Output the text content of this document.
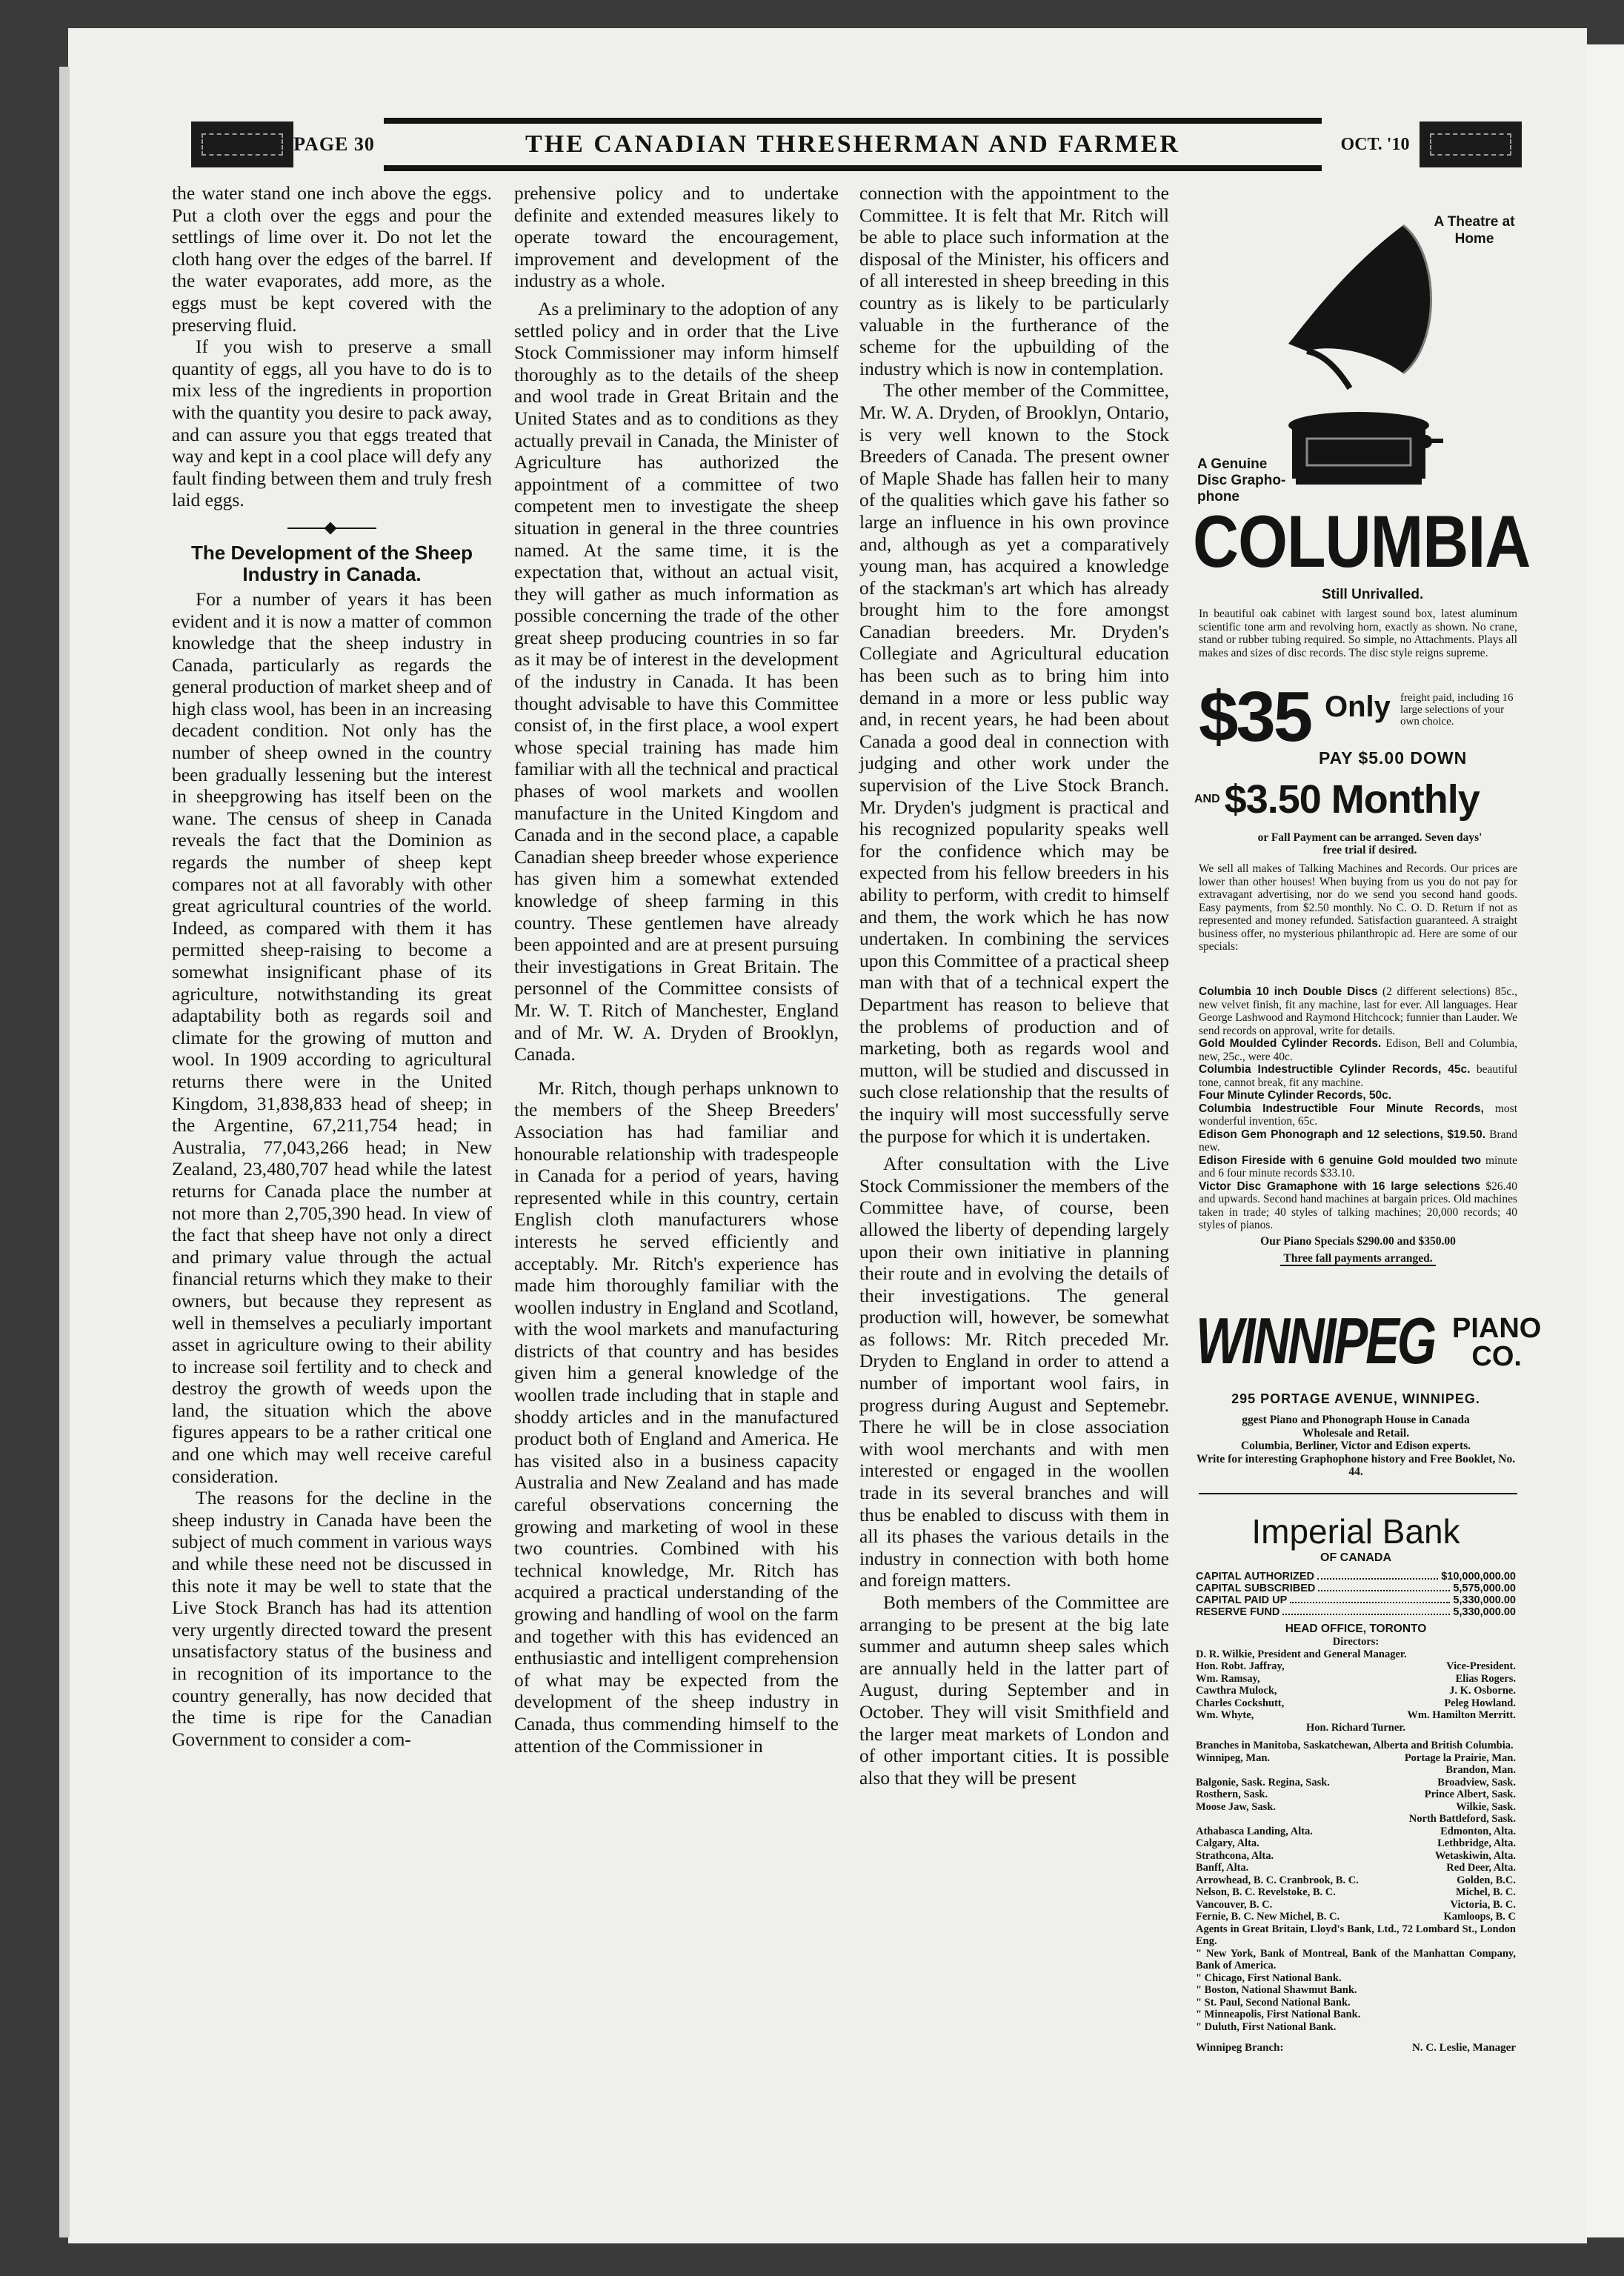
PAGE 30	THE CANADIAN THRESHERMAN AND FARMER	OCT. '10

the water stand one inch above the eggs. Put a cloth over the eggs and pour the settlings of lime over it. Do not let the cloth hang over the edges of the barrel. If the water evaporates, add more, as the eggs must be kept covered with the preserving fluid.

If you wish to preserve a small quantity of eggs, all you have to do is to mix less of the ingredients in proportion with the quantity you desire to pack away, and can assure you that eggs treated that way and kept in a cool place will defy any fault finding between them and truly fresh laid eggs.

The Development of the Sheep Industry in Canada.

For a number of years it has been evident and it is now a matter of common knowledge that the sheep industry in Canada, particularly as regards the general production of market sheep and of high class wool, has been in an increasing decadent condition. Not only has the number of sheep owned in the country been gradually lessening but the interest in sheepgrowing has itself been on the wane. The census of sheep in Canada reveals the fact that the Dominion as regards the number of sheep kept compares not at all favorably with other great agricultural countries of the world. Indeed, as compared with them it has permitted sheep-raising to become a somewhat insignificant phase of its agriculture, notwithstanding its great adaptability both as regards soil and climate for the growing of mutton and wool. In 1909 according to agricultural returns there were in the United Kingdom, 31,838,833 head of sheep; in the Argentine, 67,211,754 head; in Australia, 77,043,266 head; in New Zealand, 23,480,707 head while the latest returns for Canada place the number at not more than 2,705,390 head. In view of the fact that sheep have not only a direct and primary value through the actual financial returns which they make to their owners, but because they represent as well in themselves a peculiarly important asset in agriculture owing to their ability to increase soil fertility and to check and destroy the growth of weeds upon the land, the situation which the above figures appears to be a rather critical one and one which may well receive careful consideration.

The reasons for the decline in the sheep industry in Canada have been the subject of much comment in various ways and while these need not be discussed in this note it may be well to state that the Live Stock Branch has had its attention very urgently directed toward the present unsatisfactory status of the business and in recognition of its importance to the country generally, has now decided that the time is ripe for the Canadian Government to consider a com-

prehensive policy and to undertake definite and extended measures likely to operate toward the encouragement, improvement and development of the industry as a whole.

As a preliminary to the adoption of any settled policy and in order that the Live Stock Commissioner may inform himself thoroughly as to the details of the sheep and wool trade in Great Britain and the United States and as to conditions as they actually prevail in Canada, the Minister of Agriculture has authorized the appointment of a committee of two competent men to investigate the sheep situation in general in the three countries named. At the same time, it is the expectation that, without an actual visit, they will gather as much information as possible concerning the trade of the other great sheep producing countries in so far as it may be of interest in the development of the industry in Canada. It has been thought advisable to have this Committee consist of, in the first place, a wool expert whose special training has made him familiar with all the technical and practical phases of wool markets and woollen manufacture in the United Kingdom and Canada and in the second place, a capable Canadian sheep breeder whose experience has given him a somewhat extended knowledge of sheep farming in this country. These gentlemen have already been appointed and are at present pursuing their investigations in Great Britain. The personnel of the Committee consists of Mr. W. T. Ritch of Manchester, England and of Mr. W. A. Dryden of Brooklyn, Canada.

Mr. Ritch, though perhaps unknown to the members of the Sheep Breeders' Association has had familiar and honourable relationship with tradespeople in Canada for a period of years, having represented while in this country, certain English cloth manufacturers whose interests he served efficiently and acceptably. Mr. Ritch's experience has made him thoroughly familiar with the woollen industry in England and Scotland, with the wool markets and manufacturing districts of that country and has besides given him a general knowledge of the woollen trade including that in staple and shoddy articles and in the manufactured product both of England and America. He has visited also in a business capacity Australia and New Zealand and has made careful observations concerning the growing and marketing of wool in these two countries. Combined with his technical knowledge, Mr. Ritch has acquired a practical understanding of the growing and handling of wool on the farm and together with this has evidenced an enthusiastic and intelligent comprehension of what may be expected from the development of the sheep industry in Canada, thus commending himself to the attention of the Commissioner in

connection with the appointment to the Committee. It is felt that Mr. Ritch will be able to place such information at the disposal of the Minister, his officers and of all interested in sheep breeding in this country as is likely to be particularly valuable in the furtherance of the scheme for the upbuilding of the industry which is now in contemplation.

The other member of the Committee, Mr. W. A. Dryden, of Brooklyn, Ontario, is very well known to the Stock Breeders of Canada. The present owner of Maple Shade has fallen heir to many of the qualities which gave his father so large an influence in his own province and, although as yet a comparatively young man, has acquired a knowledge of the stackman's art which has already brought him to the fore amongst Canadian breeders. Mr. Dryden's Collegiate and Agricultural education has been such as to bring him into demand in a more or less public way and, in recent years, he had been about Canada a good deal in connection with judging and other work under the supervision of the Live Stock Branch. Mr. Dryden's judgment is practical and his recognized popularity speaks well for the confidence which may be expected from his fellow breeders in his ability to perform, with credit to himself and them, the work which he has now undertaken. In combining the services upon this Committee of a practical sheep man with that of a technical expert the Department has reason to believe that the problems of production and of marketing, both as regards wool and mutton, will be studied and discussed in such close relationship that the results of the inquiry will most successfully serve the purpose for which it is undertaken.

After consultation with the Live Stock Commissioner the members of the Committee have, of course, been allowed the liberty of depending largely upon their own initiative in planning their route and in evolving the details of their investigations. The general production will, however, be somewhat as follows: Mr. Ritch preceded Mr. Dryden to England in order to attend a number of important wool fairs, in progress during August and Septemebr. There he will be in close association with wool merchants and with men interested or engaged in the woollen trade in its several branches and will thus be enabled to discuss with them in all its phases the various details in the industry in connection with both home and foreign matters.

Both members of the Committee are arranging to be present at the big late summer and autumn sheep sales which are annually held in the latter part of August, during September and in October. They will visit Smithfield and the larger meat markets of London and of other important cities. It is possible also that they will be present

A Theatre at Home
A Genuine Disc Grapho-phone
COLUMBIA
Still Unrivalled.
In beautiful oak cabinet with largest sound box, latest aluminum scientific tone arm and revolving horn, exactly as shown. No crane, stand or rubber tubing required. So simple, no Attachments. Plays all makes and sizes of disc records. The disc style reigns supreme.
$35 Only freight paid, including 16 large selections of your own choice.
PAY $5.00 DOWN
AND $3.50 Monthly
or Fall Payment can be arranged. Seven days' free trial if desired.
We sell all makes of Talking Machines and Records. Our prices are lower than other houses! When buying from us you do not pay for extravagant advertising, nor do we send you second hand goods. Easy payments, from $2.50 monthly. No C. O. D. Return if not as represented and money refunded. Satisfaction guaranteed. A straight business offer, no mysterious philanthropic ad. Here are some of our specials:

Columbia 10 inch Double Discs (2 different selections) 85c., new velvet finish, fit any machine, last for ever. All languages. Hear George Lashwood and Raymond Hitchcock; funnier than Lauder. We send records on approval, write for details.

Gold Moulded Cylinder Records. Edison, Bell and Columbia, new, 25c., were 40c.

Columbia Indestructible Cylinder Records, 45c. beautiful tone, cannot break, fit any machine.

Four Minute Cylinder Records, 50c.

Columbia Indestructible Four Minute Records, most wonderful invention, 65c.

Edison Gem Phonograph and 12 selections, $19.50. Brand new.

Edison Fireside with 6 genuine Gold moulded two minute and 6 four minute records $33.10.

Victor Disc Gramaphone with 16 large selections $26.40 and upwards. Second hand machines at bargain prices. Old machines taken in trade; 40 styles of talking machines; 20,000 records; 40 styles of pianos.

Our Piano Specials $290.00 and $350.00
Three fall payments arranged.
WINNIPEG PIANO
CO.
295 PORTAGE AVENUE, WINNIPEG.
ggest Piano and Phonograph House in Canada
Wholesale and Retail.
Columbia, Berliner, Victor and Edison experts.
Write for interesting Graphophone history and Free Booklet, No. 44.
Imperial Bank
OF CANADA
CAPITAL AUTHORIZED	$10,000,000.00
CAPITAL SUBSCRIBED	5,575,000.00
CAPITAL PAID UP	5,330,000.00
RESERVE FUND	5,330,000.00
HEAD OFFICE, TORONTO
Directors:
D. R. Wilkie, President and General Manager.
Hon. Robt. Jaffray,	Vice-President.
Wm. Ramsay,	Elias Rogers.
Cawthra Mulock,	J. K. Osborne.
Charles Cockshutt,	Peleg Howland.
Wm. Whyte,	Wm. Hamilton Merritt.
Hon. Richard Turner.
Branches in Manitoba, Saskatchewan, Alberta and British Columbia.
Winnipeg, Man.	Portage la Prairie, Man.
Brandon, Man.
Balgonie, Sask. Regina, Sask.	Broadview, Sask.
Rosthern, Sask.	Prince Albert, Sask.
Moose Jaw, Sask.	Wilkie, Sask.
North Battleford, Sask.
Athabasca Landing, Alta.	Edmonton, Alta.
Calgary, Alta.	Lethbridge, Alta.
Strathcona, Alta.	Wetaskiwin, Alta.
Banff, Alta.	Red Deer, Alta.
Arrowhead, B. C. Cranbrook, B. C.	Golden, B.C.
Nelson, B. C. Revelstoke, B. C.	Michel, B. C.
Vancouver, B. C.	Victoria, B. C.
Fernie, B. C. New Michel, B. C.	Kamloops, B. C
Agents in Great Britain, Lloyd's Bank, Ltd., 72 Lombard St., London Eng.
" New York, Bank of Montreal, Bank of the Manhattan Company, Bank of America.
" Chicago, First National Bank.
" Boston, National Shawmut Bank.
" St. Paul, Second National Bank.
" Minneapolis, First National Bank.
" Duluth, First National Bank.
Winnipeg Branch:	N. C. Leslie, Manager
